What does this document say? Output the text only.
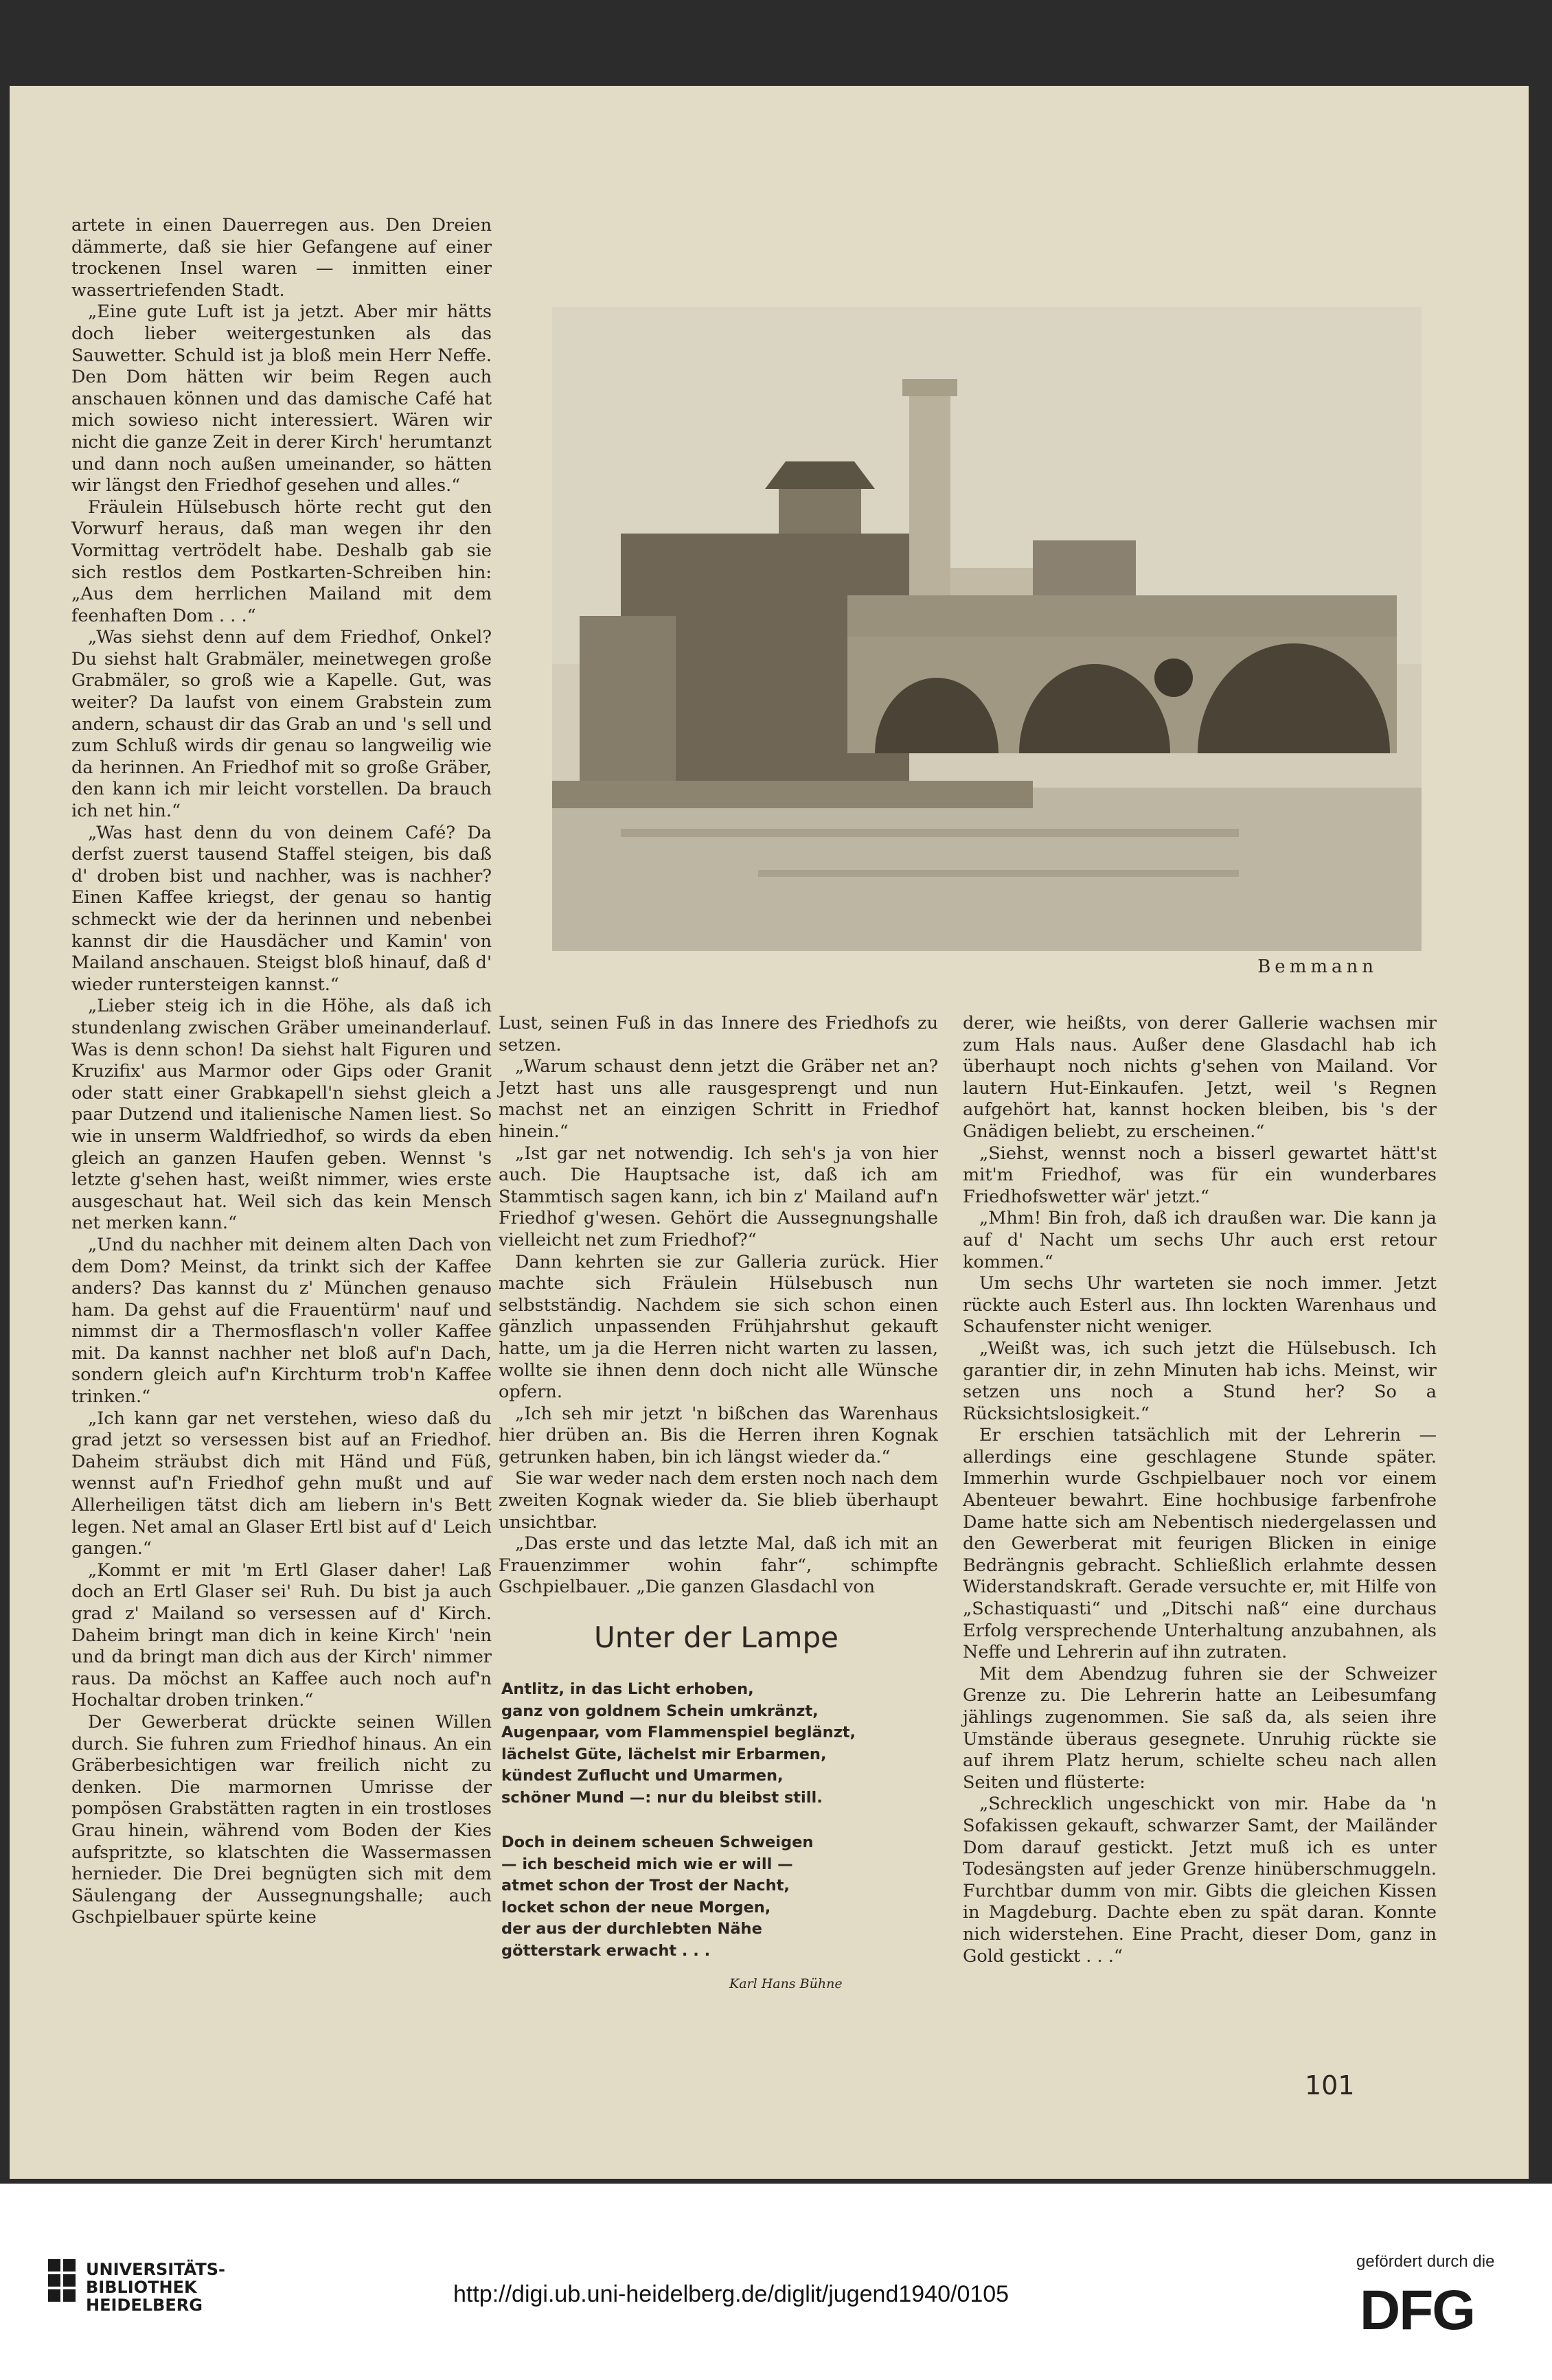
artete in einen Dauerregen aus. Den Dreien dämmerte, daß sie hier Gefangene auf einer trockenen Insel waren — inmitten einer wassertriefenden Stadt.

„Eine gute Luft ist ja jetzt. Aber mir hätts doch lieber weitergestunken als das Sauwetter. Schuld ist ja bloß mein Herr Neffe. Den Dom hätten wir beim Regen auch anschauen können und das damische Café hat mich sowieso nicht interessiert. Wären wir nicht die ganze Zeit in derer Kirch' herumtanzt und dann noch außen umeinander, so hätten wir längst den Friedhof gesehen und alles.“

Fräulein Hülsebusch hörte recht gut den Vorwurf heraus, daß man wegen ihr den Vormittag vertrödelt habe. Deshalb gab sie sich restlos dem Postkarten-Schreiben hin: „Aus dem herrlichen Mailand mit dem feenhaften Dom . . .“

„Was siehst denn auf dem Friedhof, Onkel? Du siehst halt Grabmäler, meinetwegen große Grabmäler, so groß wie a Kapelle. Gut, was weiter? Da laufst von einem Grabstein zum andern, schaust dir das Grab an und 's sell und zum Schluß wirds dir genau so langweilig wie da herinnen. An Friedhof mit so große Gräber, den kann ich mir leicht vorstellen. Da brauch ich net hin.“

„Was hast denn du von deinem Café? Da derfst zuerst tausend Staffel steigen, bis daß d' droben bist und nachher, was is nachher? Einen Kaffee kriegst, der genau so hantig schmeckt wie der da herinnen und nebenbei kannst dir die Hausdächer und Kamin' von Mailand anschauen. Steigst bloß hinauf, daß d' wieder runtersteigen kannst.“

„Lieber steig ich in die Höhe, als daß ich stundenlang zwischen Gräber umeinanderlauf. Was is denn schon! Da siehst halt Figuren und Kruzifix' aus Marmor oder Gips oder Granit oder statt einer Grabkapell'n siehst gleich a paar Dutzend und italienische Namen liest. So wie in unserm Waldfriedhof, so wirds da eben gleich an ganzen Haufen geben. Wennst 's letzte g'sehen hast, weißt nimmer, wies erste ausgeschaut hat. Weil sich das kein Mensch net merken kann.“

„Und du nachher mit deinem alten Dach von dem Dom? Meinst, da trinkt sich der Kaffee anders? Das kannst du z' München genauso ham. Da gehst auf die Frauentürm' nauf und nimmst dir a Thermosflasch'n voller Kaffee mit. Da kannst nachher net bloß auf'n Dach, sondern gleich auf'n Kirchturm trob'n Kaffee trinken.“

„Ich kann gar net verstehen, wieso daß du grad jetzt so versessen bist auf an Friedhof. Daheim sträubst dich mit Händ und Füß, wennst auf'n Friedhof gehn mußt und auf Allerheiligen tätst dich am liebern in's Bett legen. Net amal an Glaser Ertl bist auf d' Leich gangen.“

„Kommt er mit 'm Ertl Glaser daher! Laß doch an Ertl Glaser sei' Ruh. Du bist ja auch grad z' Mailand so versessen auf d' Kirch. Daheim bringt man dich in keine Kirch' 'nein und da bringt man dich aus der Kirch' nimmer raus. Da möchst an Kaffee auch noch auf'n Hochaltar droben trinken.“

Der Gewerberat drückte seinen Willen durch. Sie fuhren zum Friedhof hinaus. An ein Gräberbesichtigen war freilich nicht zu denken. Die marmornen Umrisse der pompösen Grabstätten ragten in ein trostloses Grau hinein, während vom Boden der Kies aufspritzte, so klatschten die Wassermassen hernieder. Die Drei begnügten sich mit dem Säulengang der Aussegnungshalle; auch Gschpielbauer spürte keine

Bemmann

Lust, seinen Fuß in das Innere des Friedhofs zu setzen.

„Warum schaust denn jetzt die Gräber net an? Jetzt hast uns alle rausgesprengt und nun machst net an einzigen Schritt in Friedhof hinein.“

„Ist gar net notwendig. Ich seh's ja von hier auch. Die Hauptsache ist, daß ich am Stammtisch sagen kann, ich bin z' Mailand auf'n Friedhof g'wesen. Gehört die Aussegnungshalle vielleicht net zum Friedhof?“

Dann kehrten sie zur Galleria zurück. Hier machte sich Fräulein Hülsebusch nun selbstständig. Nachdem sie sich schon einen gänzlich unpassenden Frühjahrshut gekauft hatte, um ja die Herren nicht warten zu lassen, wollte sie ihnen denn doch nicht alle Wünsche opfern.

„Ich seh mir jetzt 'n bißchen das Warenhaus hier drüben an. Bis die Herren ihren Kognak getrunken haben, bin ich längst wieder da.“

Sie war weder nach dem ersten noch nach dem zweiten Kognak wieder da. Sie blieb überhaupt unsichtbar.

„Das erste und das letzte Mal, daß ich mit an Frauenzimmer wohin fahr“, schimpfte Gschpielbauer. „Die ganzen Glasdachl von

derer, wie heißts, von derer Gallerie wachsen mir zum Hals naus. Außer dene Glasdachl hab ich überhaupt noch nichts g'sehen von Mailand. Vor lautern Hut-Einkaufen. Jetzt, weil 's Regnen aufgehört hat, kannst hocken bleiben, bis 's der Gnädigen beliebt, zu erscheinen.“

„Siehst, wennst noch a bisserl gewartet hätt'st mit'm Friedhof, was für ein wunderbares Friedhofswetter wär' jetzt.“

„Mhm! Bin froh, daß ich draußen war. Die kann ja auf d' Nacht um sechs Uhr auch erst retour kommen.“

Um sechs Uhr warteten sie noch immer. Jetzt rückte auch Esterl aus. Ihn lockten Warenhaus und Schaufenster nicht weniger.

„Weißt was, ich such jetzt die Hülsebusch. Ich garantier dir, in zehn Minuten hab ichs. Meinst, wir setzen uns noch a Stund her? So a Rücksichtslosigkeit.“

Er erschien tatsächlich mit der Lehrerin — allerdings eine geschlagene Stunde später. Immerhin wurde Gschpielbauer noch vor einem Abenteuer bewahrt. Eine hochbusige farbenfrohe Dame hatte sich am Nebentisch niedergelassen und den Gewerberat mit feurigen Blicken in einige Bedrängnis gebracht. Schließlich erlahmte dessen Widerstandskraft. Gerade versuchte er, mit Hilfe von „Schastiquasti“ und „Ditschi naß“ eine durchaus Erfolg versprechende Unterhaltung anzubahnen, als Neffe und Lehrerin auf ihn zutraten.

Mit dem Abendzug fuhren sie der Schweizer Grenze zu. Die Lehrerin hatte an Leibesumfang jählings zugenommen. Sie saß da, als seien ihre Umstände überaus gesegnete. Unruhig rückte sie auf ihrem Platz herum, schielte scheu nach allen Seiten und flüsterte:

„Schrecklich ungeschickt von mir. Habe da 'n Sofakissen gekauft, schwarzer Samt, der Mailänder Dom darauf gestickt. Jetzt muß ich es unter Todesängsten auf jeder Grenze hinüberschmuggeln. Furchtbar dumm von mir. Gibts die gleichen Kissen in Magdeburg. Dachte eben zu spät daran. Konnte nich widerstehen. Eine Pracht, dieser Dom, ganz in Gold gestickt . . .“

Unter der Lampe
Antlitz, in das Licht erhoben,
ganz von goldnem Schein umkränzt,
Augenpaar, vom Flammenspiel beglänzt,
lächelst Güte, lächelst mir Erbarmen,
kündest Zuflucht und Umarmen,
schöner Mund —: nur du bleibst still.
Doch in deinem scheuen Schweigen
— ich bescheid mich wie er will —
atmet schon der Trost der Nacht,
locket schon der neue Morgen,
der aus der durchlebten Nähe
götterstark erwacht . . .
Karl Hans Bühne
101
UNIVERSITÄTS-
BIBLIOTHEK
HEIDELBERG	http://digi.ub.uni-heidelberg.de/diglit/jugend1940/0105
gefördert durch die
DFG
